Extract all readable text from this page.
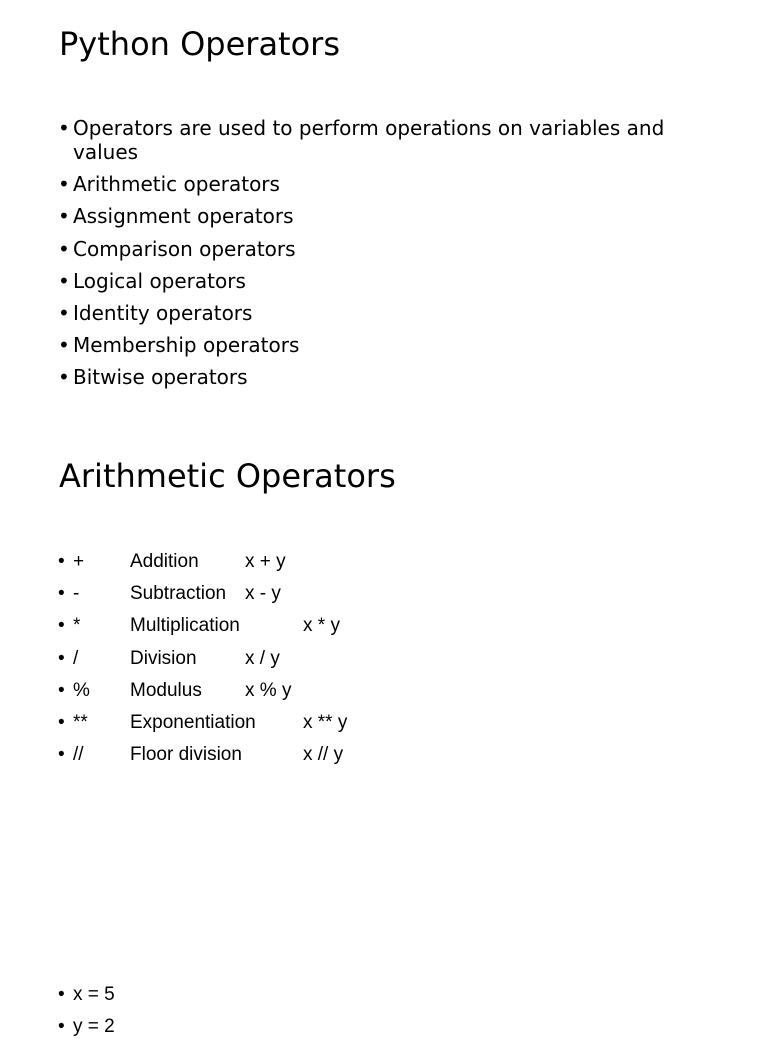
Python Operators
• Operators are used to perform operations on variables and values
• Arithmetic operators
• Assignment operators
• Comparison operators
• Logical operators
• Identity operators
• Membership operators
• Bitwise operators
Arithmetic Operators
• + Addition x + y
• -	Subtraction x - y
• *	Multiplication	x * y
• /	Division	x / y
• % Modulus x % y
• ** Exponentiation x ** y
• // Floor division	x // y
• x = 5
• y = 2
